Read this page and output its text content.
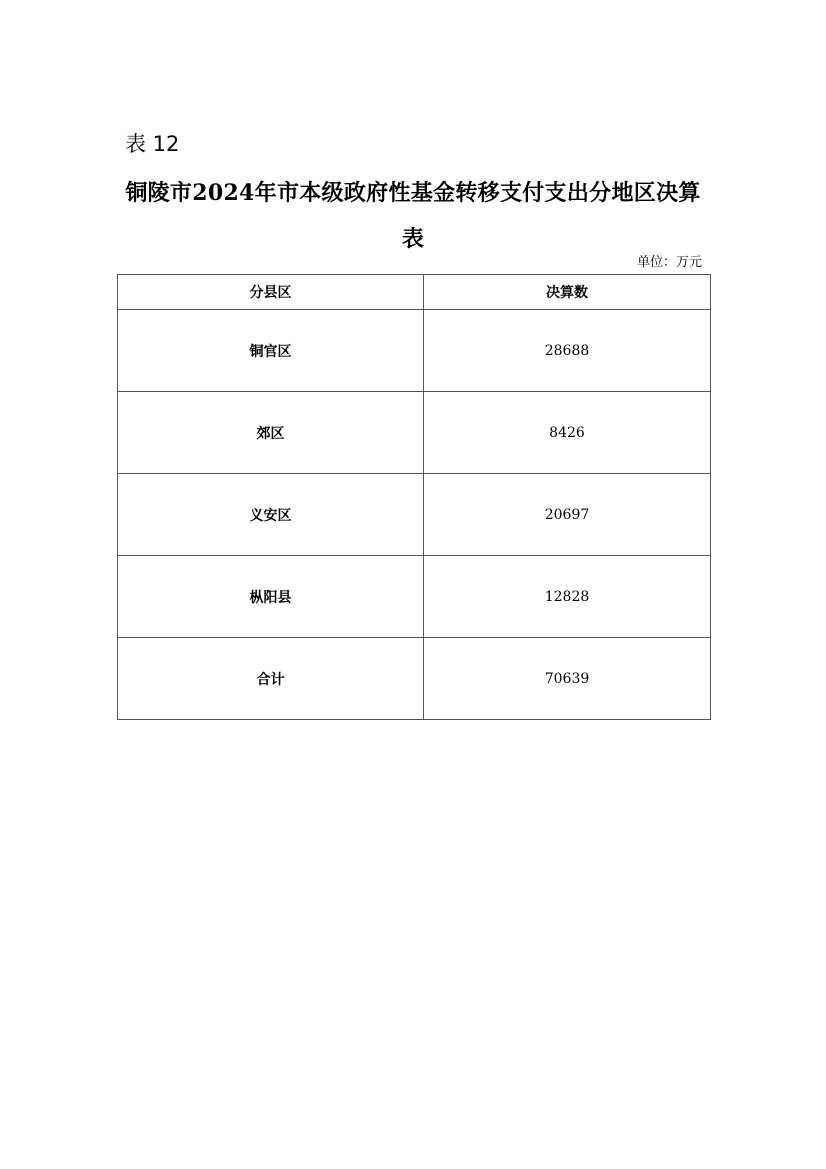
表 12
铜陵市2024年市本级政府性基金转移支付支出分地区决算
表
单位：万元
分县区	决算数
铜官区	28688
郊区	8426
义安区	20697
枞阳县	12828
合计	70639
